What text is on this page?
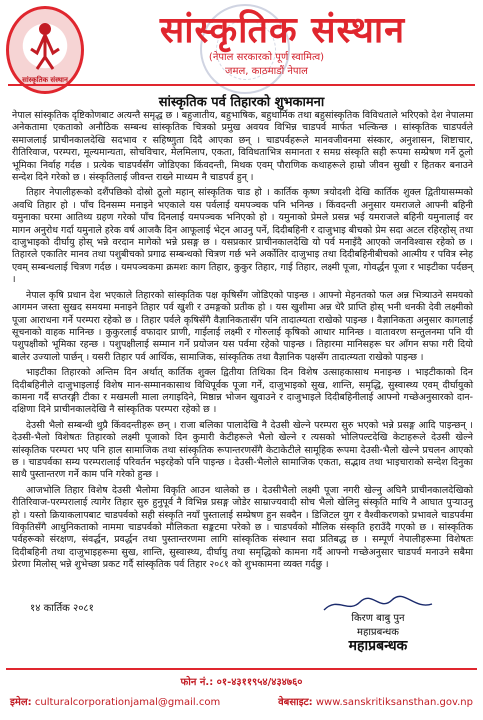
सांस्कृतिक संस्थान
सांस्कृतिक संस्थान
(नेपाल सरकारको पूर्ण स्वामित्व)
जमल, काठमाडौं नेपाल
सांस्कृतिक पर्व तिहारको शुभकामना

नेपाल सांस्कृतिक दृष्टिकोणबाट अत्यन्तै समृद्ध छ । बहुजातीय, बहुभाषिक, बहुधार्मिक तथा बहुसांस्कृतिक विविधताले भरिएको देश नेपालमा अनेकतामा एकताको अनौठिक सम्बन्ध सांस्कृतिक चित्रको प्रमुख अवयव विभिन्न चाडपर्व मार्फत भल्किन्छ । सांस्कृतिक चाडपर्वले समाजलाई प्राचीनकालदेखि सदभाव र सहिष्णुता दिदै आएका छन् । चाडपर्वहरूले मानवजीवनमा संस्कार, अनुशासन, शिष्टाचार, रीतिरिवाज, परम्परा, मूल्यमान्यता, सोचविचार, मेलमिलाप, एकता, विविधताभित्र समानता र समग्र संस्कृति सही रूपमा सम्प्रेषण गर्ने ठूलो भूमिका निर्वाह गर्दछ । प्रत्येक चाडपर्वसँग जोडिएका किंवदन्ती, मिथक एवम् पौराणिक कथाहरूले हाम्रो जीवन सुखी र हितकर बनाउने सन्देश दिने गरेको छ । संस्कृतिलाई जीवन्त राख्ने माध्यम नै चाडपर्व हुन् ।

तिहार नेपालीहरूको दशैंपछिको दोस्रो ठूलो महान् सांस्कृतिक चाड हो । कार्तिक कृष्ण त्रयोदशी देखि कार्तिक शुक्ल द्वितीयासम्मको अवधि तिहार हो । पाँच दिनसम्म मनाइने भएकाले यस पर्वलाई यमपञ्चक पनि भनिन्छ । किंवदन्ती अनुसार यमराजले आफ्नी बहिनी यमुनाका घरमा आतिथ्य ग्रहण गरेको पाँच दिनलाई यमपञ्चक भनिएको हो । यमुनाको प्रेमले प्रसन्न भई यमराजले बहिनी यमुनालाई वर मागन अनुरोध गर्दा यमुनाले हरेक वर्ष आजकै दिन आफूलाई भेट्न आउनु पर्ने, दिदीबहिनी र दाजुभाइ बीचको प्रेम सदा अटल रहिरहोस् तथा दाजुभाइको दीर्घायु होस् भन्ने वरदान मागेको भन्ने प्रसङ्ग छ । यसप्रकार प्राचीनकालदेखि यो पर्व मनाइँदै आएको जनविश्वास रहेको छ । तिहारले एकातिर मानव तथा पशुबीचको प्रगाढ सम्बन्धको चित्रण गर्छ भने अर्कोतिर दाजुभाइ तथा दिदीबहिनीबीचको आत्मीय र पवित्र स्नेह एवम् सम्बन्धलाई चित्रण गर्दछ । यमपञ्चकमा क्रमशः काग तिहार, कुकुर तिहार, गाई तिहार, लक्ष्मी पूजा, गोवर्द्धन पूजा र भाइटीका पर्दछन् ।

नेपाल कृषि प्रधान देश भएकाले तिहारको सांस्कृतिक पक्ष कृषिसँग जोडिएको पाइन्छ । आफ्नो मेहनतको फल अन्न भित्र्याउने समयको आगमन जस्ता सुखद समयमा मनाइने तिहार पर्व खुशी र उमङ्गको प्रतीक हो । यस खुशीमा अन्न धेरै प्राप्ति होस् भनी धनकी देवी लक्ष्मीको पूजा आराधना गर्ने परम्परा रहेको छ । तिहार पर्वले कृषिसँगै वैज्ञानिकतासँग पनि तादात्म्यता राखेको पाइन्छ । वैज्ञानिकता अनुसार कागलाई सूचनाको वाहक मानिन्छ । कुकुरलाई वफादार प्राणी, गाईलाई लक्ष्मी र गोरुलाई कृषिको आधार मानिन्छ । वातावरण सन्तुलनमा पनि यी पशुपक्षीको भूमिका रहन्छ । पशुपक्षीलाई सम्मान गर्ने प्रयोजन यस पर्वमा रहेको पाइन्छ । तिहारमा मानिसहरू घर आँगन सफा गरी दियो बालेर उज्यालो पार्छन् । यसरी तिहार पर्व आर्थिक, सामाजिक, सांस्कृतिक तथा वैज्ञानिक पक्षसँग तादात्म्यता राखेको पाइन्छ ।

भाइटीका तिहारको अन्तिम दिन अर्थात् कार्तिक शुक्ल द्वितीया तिथिका दिन विशेष उत्साहकासाथ मनाइन्छ । भाइटीकाको दिन दिदीबहिनीले दाजुभाइलाई विशेष मान-सम्मानकासाथ विधिपूर्वक पूजा गर्ने, दाजुभाइको सुख, शान्ति, समृद्धि, सुस्वास्थ्य एवम् दीर्घायुको कामना गर्दै सप्तरङ्गी टीका र मखमली माला लगाइदिने, मिष्ठान्न भोजन खुवाउने र दाजुभाइले दिदीबहिनीलाई आफ्नो गच्छेअनुसारको दान-दक्षिणा दिने प्राचीनकालदेखि नै सांस्कृतिक परम्परा रहेको छ ।

देउसी भैलो सम्बन्धी थुप्रै किंवदन्तीहरू छन् । राजा बलिका पालादेखि नै देउसी खेल्ने परम्परा सुरु भएको भन्ने प्रसङ्ग आदि पाइन्छन् । देउसी-भैलो विशेषतः तिहारको लक्ष्मी पूजाको दिन कुमारी केटीहरूले भैलो खेल्ने र त्यसको भोलिपल्टदेखि केटाहरूले देउसी खेल्ने सांस्कृतिक परम्परा भए पनि हाल सामाजिक तथा सांस्कृतिक रूपान्तरणसँगै केटाकेटीले सामूहिक रूपमा देउसी-भैलो खेल्ने प्रचलन आएको छ । चाडपर्वका सम्य परम्परालाई परिवर्तन भइरहेको पनि पाइन्छ । देउसी-भैलोले सामाजिक एकता, सद्भाव तथा भाइचाराको सन्देश दिनुका साथै पुस्तान्तरण गर्ने काम पनि गरेको हुन्छ ।

आजभोलि तिहार विशेष देउसी भैलोमा विकृति आउन थालेको छ । देउसीभैलो लक्ष्मी पूजा नगरी खेल्नु अघिनै प्राचीनकालदेखिको रीतिरिवाज-परम्परालाई त्यागेर तिहार सुरु हुनुपूर्व नै विभिन्न प्रसङ्ग जोडेर साम्राज्यवादी सोच भैलो खेलिनु संस्कृति माथि नै आघात पुऱ्याउनु हो । यस्तो क्रियाकलापबाट चाडपर्वको सही संस्कृति नयाँ पुस्तालाई सम्प्रेषण हुन सक्दैन । डिजिटल युग र वैश्वीकरणको प्रभावले चाडपर्वमा विकृतिसँगै आधुनिकताको नाममा चाडपर्वको मौलिकता सङ्कटमा परेको छ । चाडपर्वको मौलिक संस्कृति हराउँदै गएको छ । सांस्कृतिक पर्वहरूको संरक्षण, संवर्द्धन, प्रवर्द्धन तथा पुस्तान्तरणमा लागि सांस्कृतिक संस्थान सदा प्रतिबद्ध छ । सम्पूर्ण नेपालीहरूमा विशेषतः दिदीबहिनी तथा दाजुभाइहरूमा सुख, शान्ति, सुस्वास्थ्य, दीर्घायु तथा समृद्धिको कामना गर्दै आफ्नो गच्छेअनुसार चाडपर्व मनाउने सबैमा प्रेरणा मिलोस् भन्ने शुभेच्छा प्रकट गर्दै सांस्कृतिक पर्व तिहार २०८१ को शुभकामना व्यक्त गर्दछु ।

१४ कार्तिक २०८१
किरण बाबु पुन
महाप्रबन्धक
महाप्रबन्धक
फोन नं.: ०१-४३११९५४/४३४७६०
इमेल: culturalcorporationjamal@gmail.com	वेबसाइट: www.sanskritiksansthan.gov.np
